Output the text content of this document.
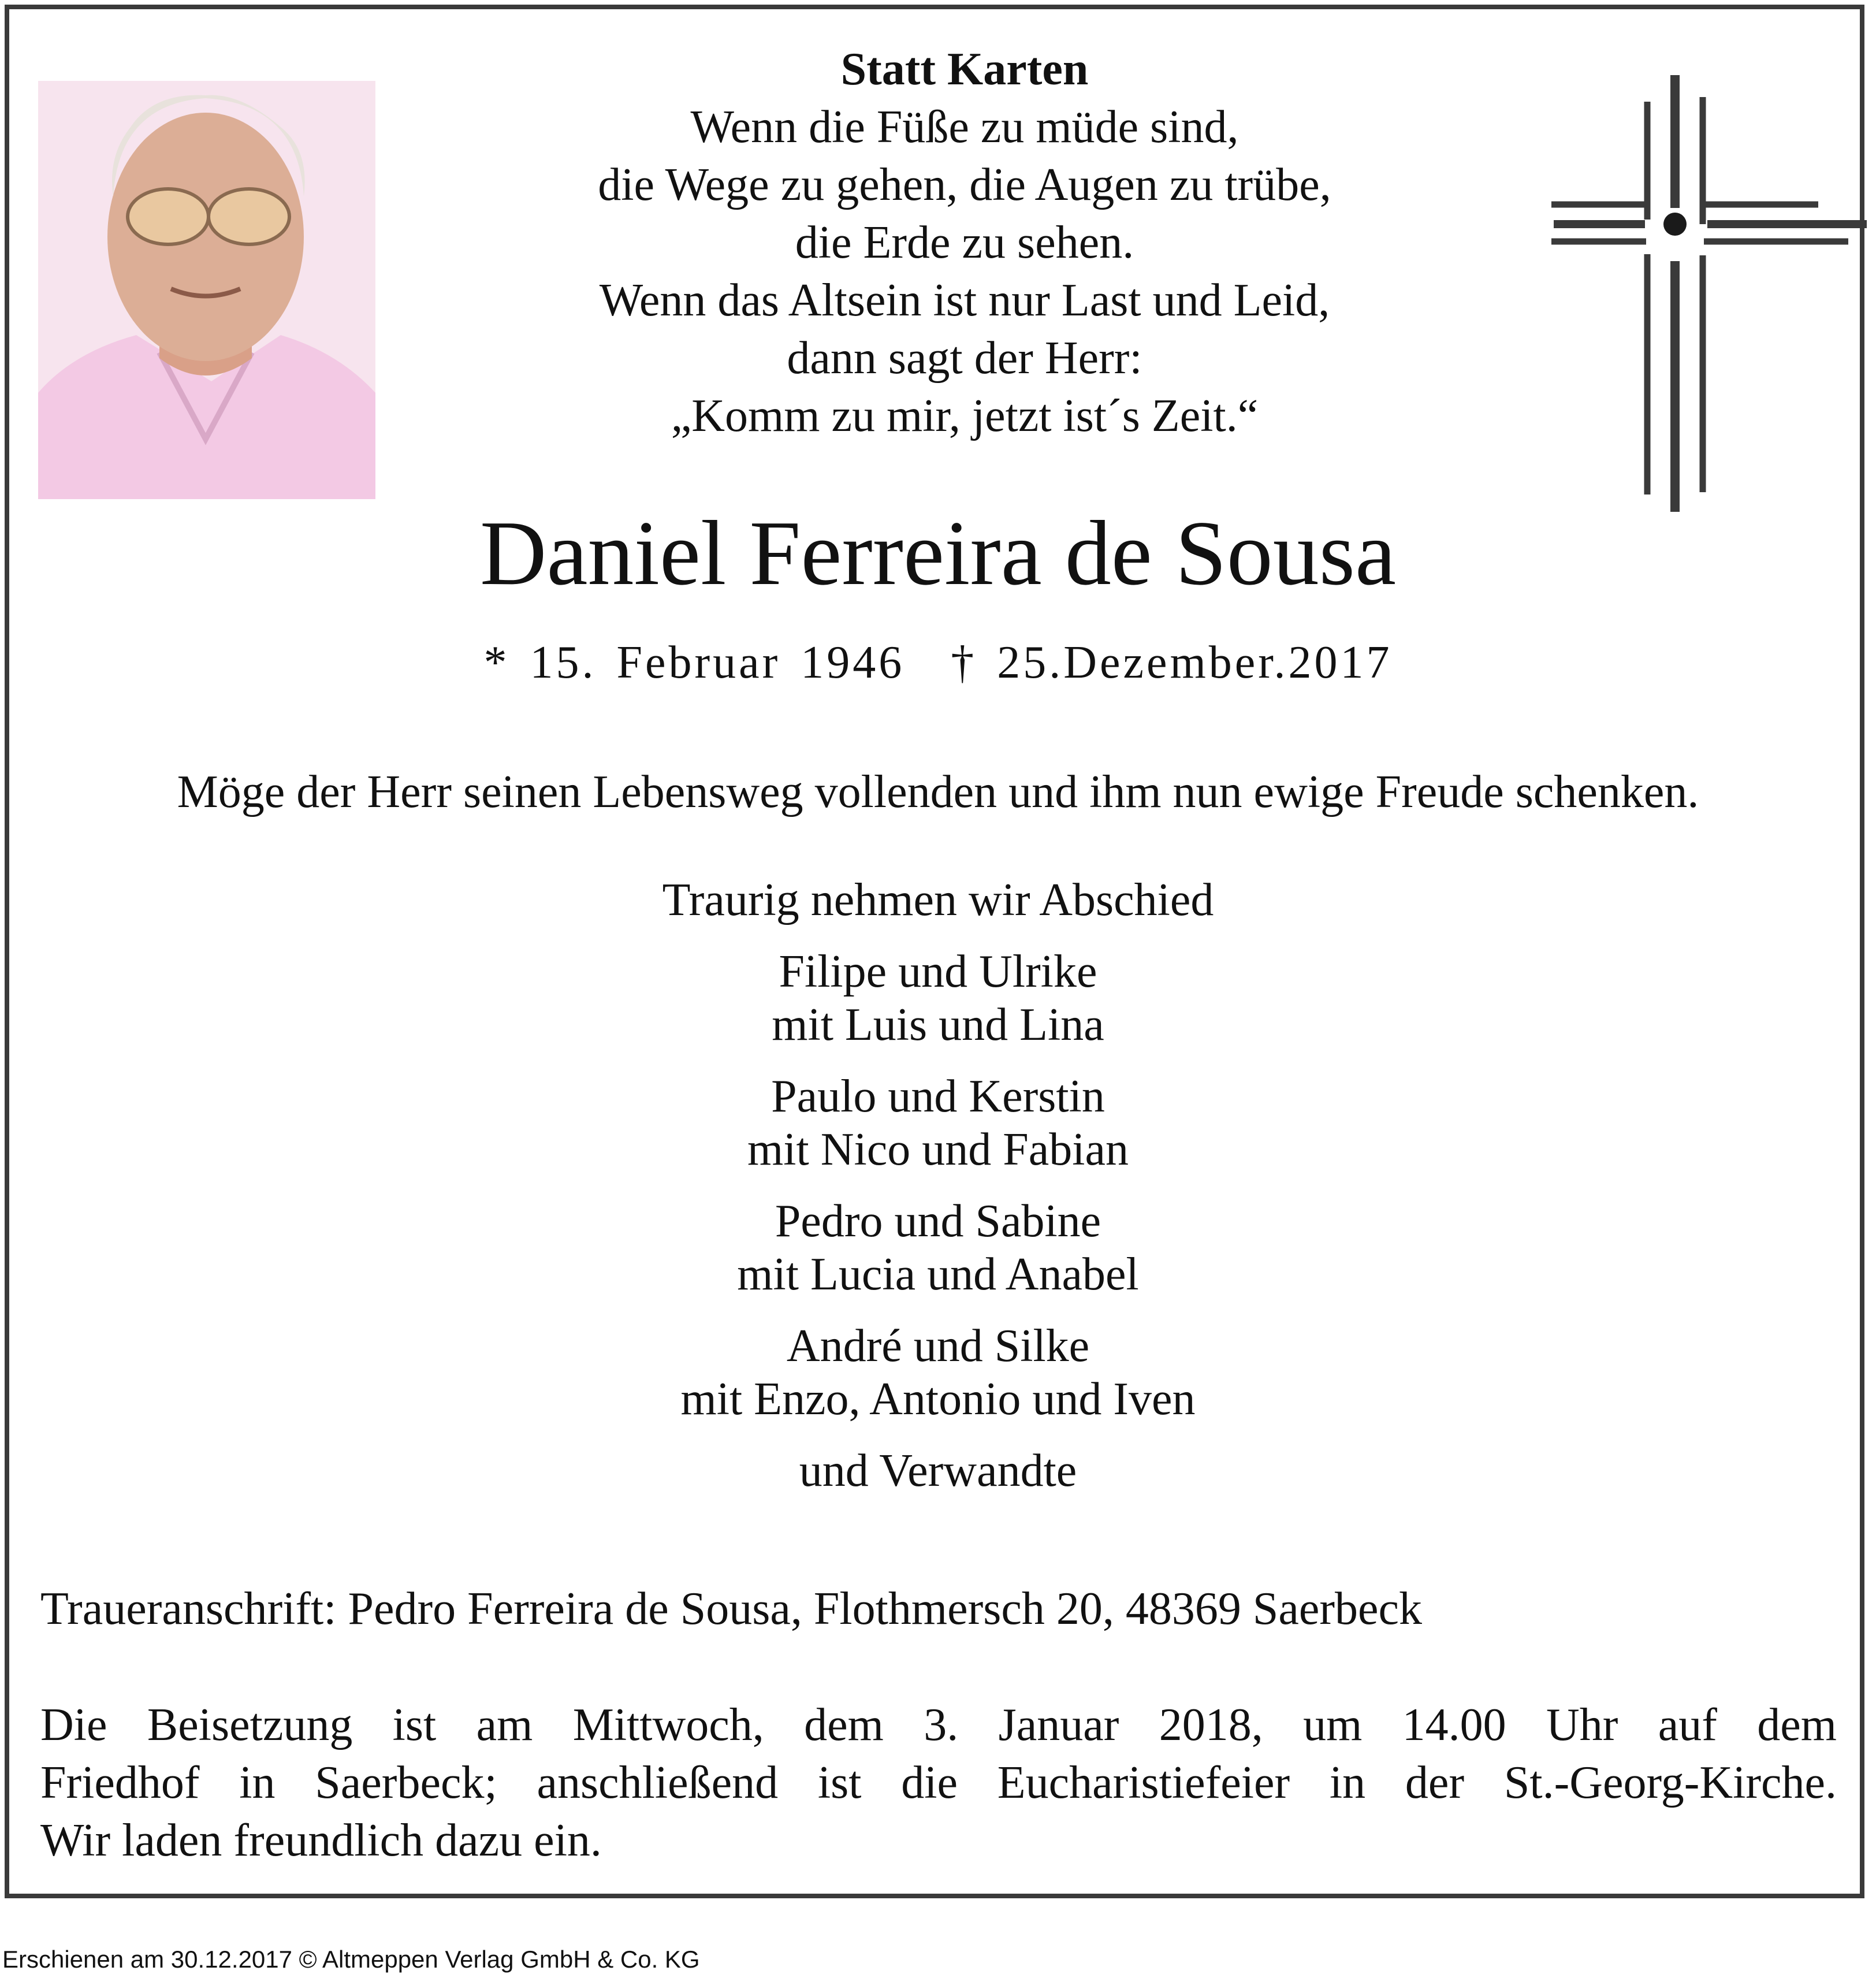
Statt Karten
Wenn die Füße zu müde sind,
die Wege zu gehen, die Augen zu trübe,
die Erde zu sehen.
Wenn das Altsein ist nur Last und Leid,
dann sagt der Herr:
„Komm zu mir, jetzt ist´s Zeit.“
Daniel Ferreira de Sousa
* 15. Februar 1946 † 25.Dezember.2017
Möge der Herr seinen Lebensweg vollenden und ihm nun ewige Freude schenken.
Traurig nehmen wir Abschied
Filipe und Ulrike
mit Luis und Lina
Paulo und Kerstin
mit Nico und Fabian
Pedro und Sabine
mit Lucia und Anabel
André und Silke
mit Enzo, Antonio und Iven
und Verwandte
Traueranschrift: Pedro Ferreira de Sousa, Flothmersch 20, 48369 Saerbeck
Die Beisetzung ist am Mittwoch, dem 3. Januar 2018, um 14.00 Uhr auf dem
Friedhof in Saerbeck; anschließend ist die Eucharistiefeier in der St.-Georg-Kirche.
Wir laden freundlich dazu ein.
Erschienen am 30.12.2017 © Altmeppen Verlag GmbH & Co. KG
